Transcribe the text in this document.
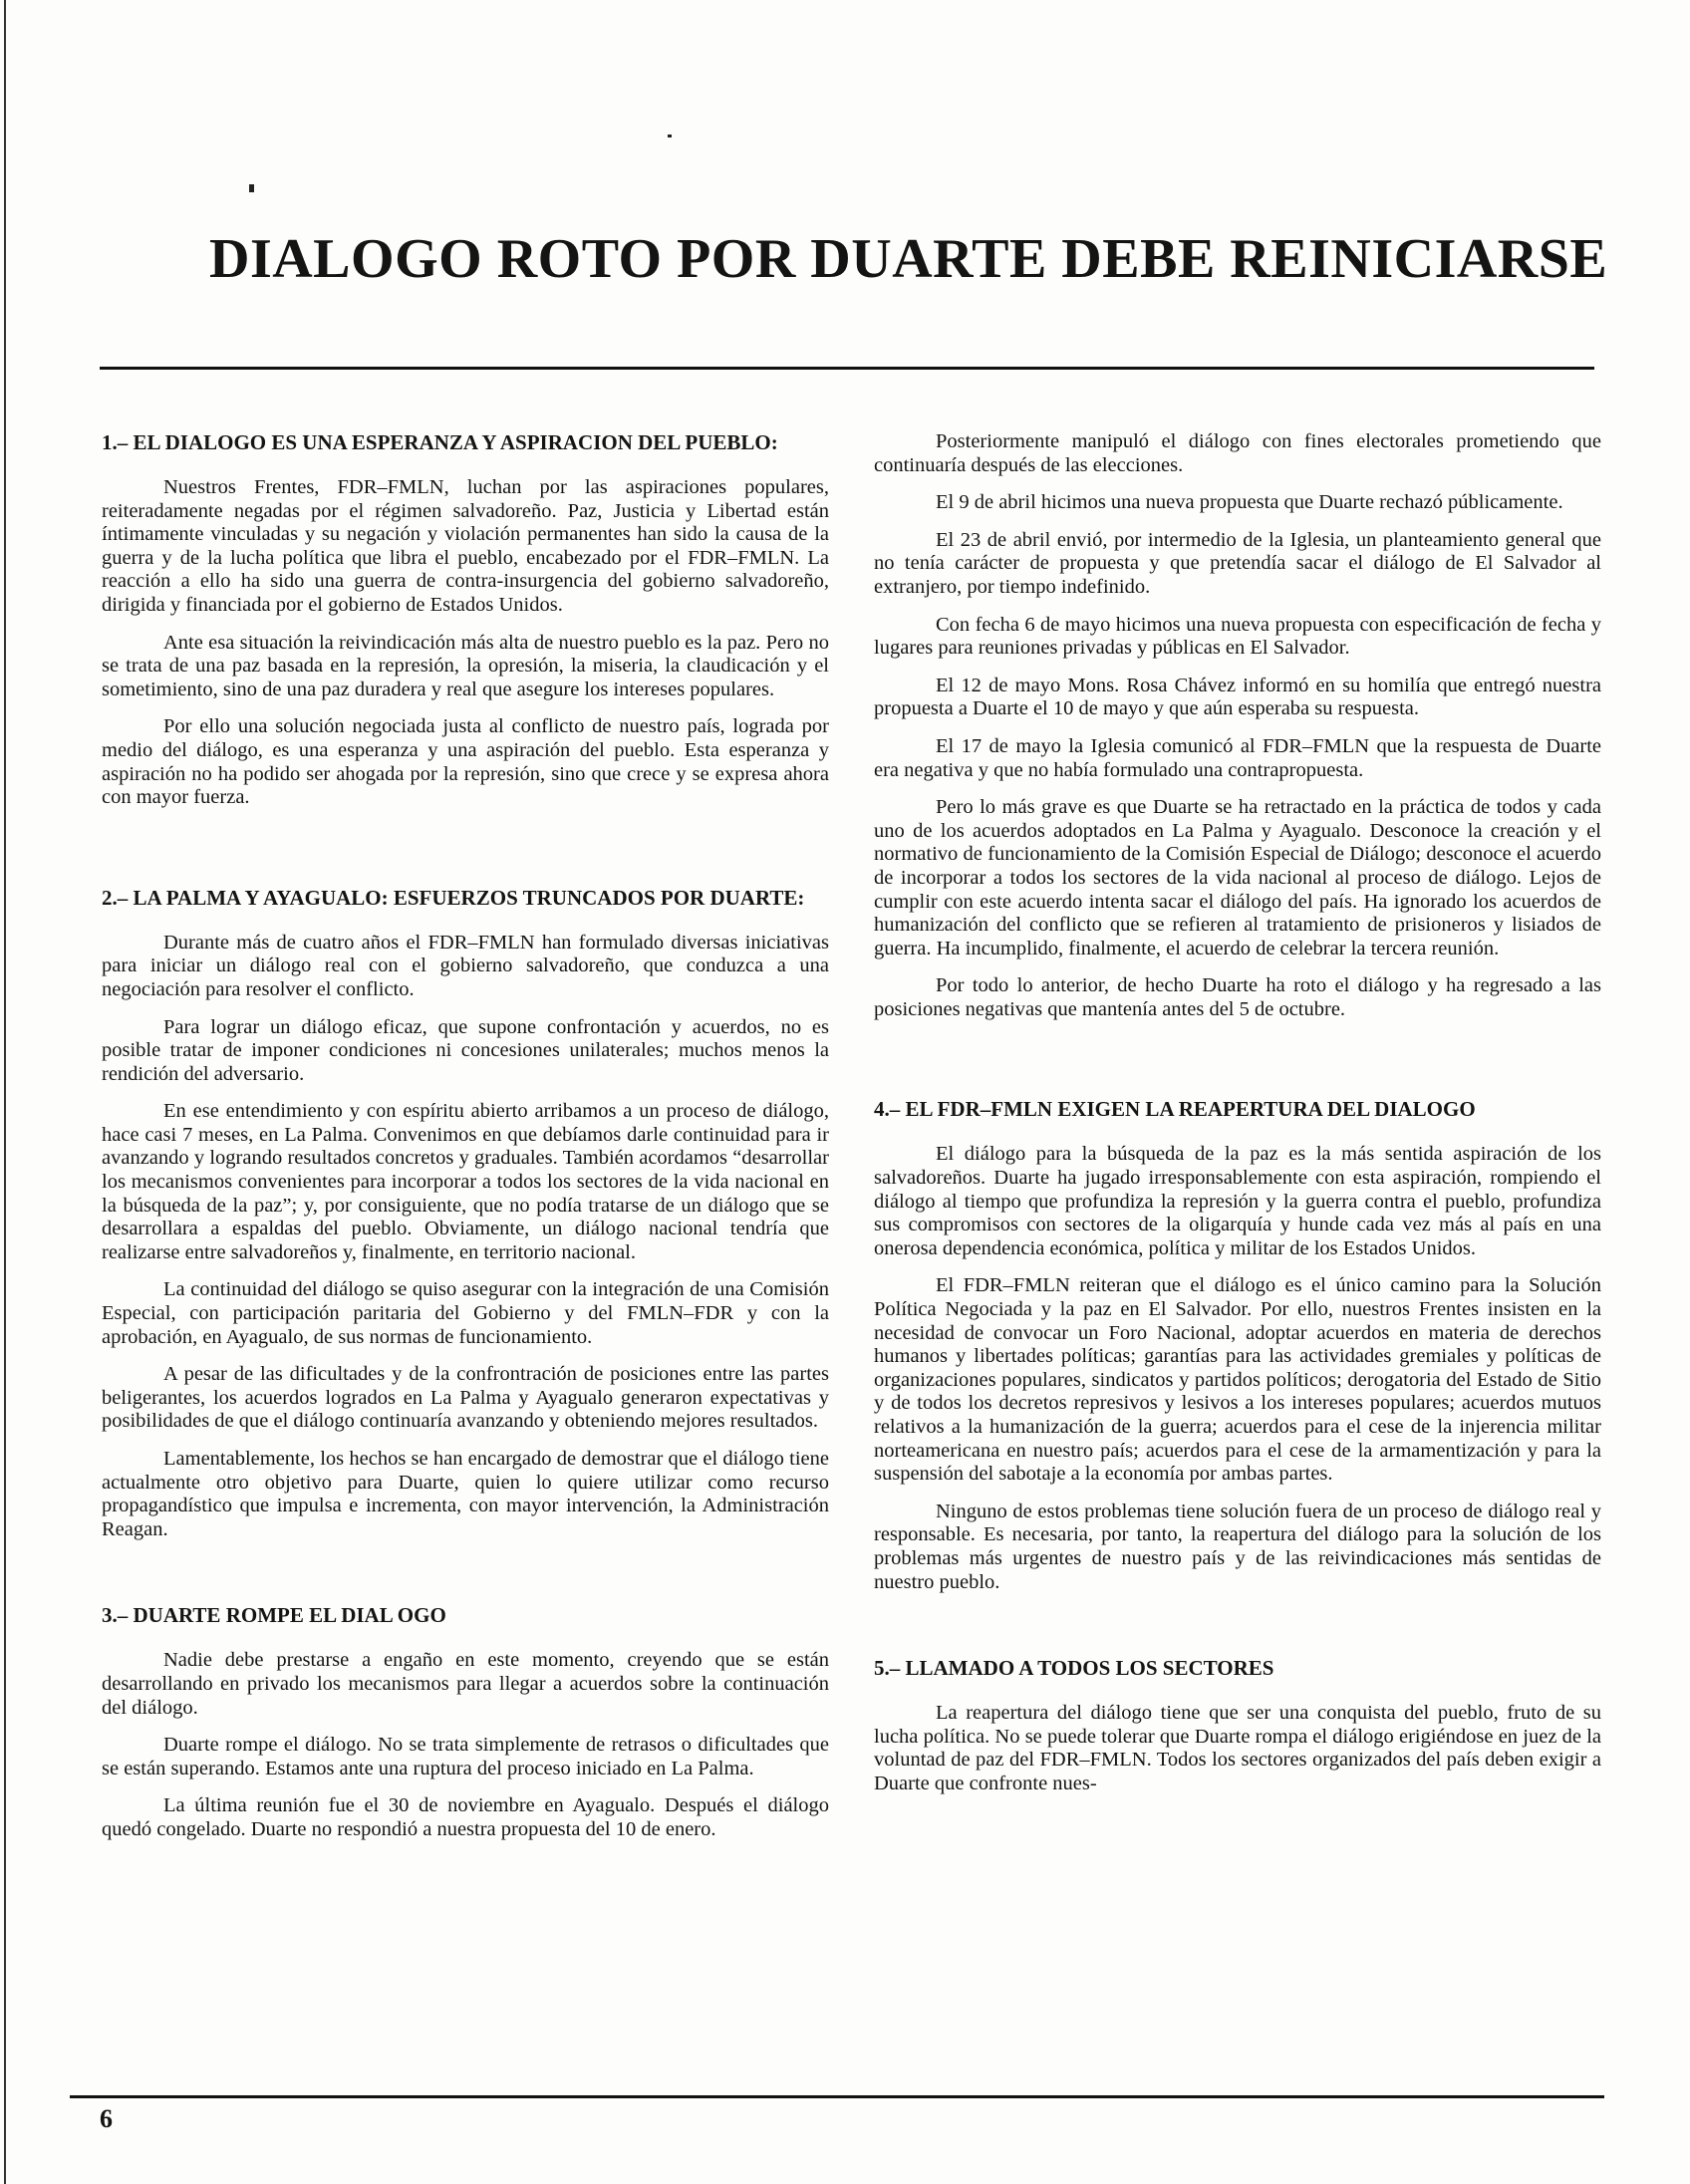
DIALOGO ROTO POR DUARTE DEBE REINICIARSE
1.– EL DIALOGO ES UNA ESPERANZA Y ASPIRACION DEL PUEBLO:

Nuestros Frentes, FDR–FMLN, luchan por las aspiraciones populares, reiteradamente negadas por el régimen salvadoreño. Paz, Justicia y Libertad están íntimamente vinculadas y su negación y violación permanentes han sido la causa de la guerra y de la lucha política que libra el pueblo, encabezado por el FDR–FMLN. La reacción a ello ha sido una guerra de contra-insurgencia del gobierno salvadoreño, dirigida y financiada por el gobierno de Estados Unidos.

Ante esa situación la reivindicación más alta de nuestro pueblo es la paz. Pero no se trata de una paz basada en la represión, la opresión, la miseria, la claudicación y el sometimiento, sino de una paz duradera y real que asegure los intereses populares.

Por ello una solución negociada justa al conflicto de nuestro país, lograda por medio del diálogo, es una esperanza y una aspiración del pueblo. Esta esperanza y aspiración no ha podido ser ahogada por la represión, sino que crece y se expresa ahora con mayor fuerza.

2.– LA PALMA Y AYAGUALO: ESFUERZOS TRUNCADOS POR DUARTE:

Durante más de cuatro años el FDR–FMLN han formulado diversas iniciativas para iniciar un diálogo real con el gobierno salvadoreño, que conduzca a una negociación para resolver el conflicto.

Para lograr un diálogo eficaz, que supone confrontación y acuerdos, no es posible tratar de imponer condiciones ni concesiones unilaterales; muchos menos la rendición del adversario.

En ese entendimiento y con espíritu abierto arribamos a un proceso de diálogo, hace casi 7 meses, en La Palma. Convenimos en que debíamos darle continuidad para ir avanzando y logrando resultados concretos y graduales. También acordamos “desarrollar los mecanismos convenientes para incorporar a todos los sectores de la vida nacional en la búsqueda de la paz”; y, por consiguiente, que no podía tratarse de un diálogo que se desarrollara a espaldas del pueblo. Obviamente, un diálogo nacional tendría que realizarse entre salvadoreños y, finalmente, en territorio nacional.

La continuidad del diálogo se quiso asegurar con la integración de una Comisión Especial, con participación paritaria del Gobierno y del FMLN–FDR y con la aprobación, en Ayagualo, de sus normas de funcionamiento.

A pesar de las dificultades y de la confrontración de posiciones entre las partes beligerantes, los acuerdos logrados en La Palma y Ayagualo generaron expectativas y posibilidades de que el diálogo continuaría avanzando y obteniendo mejores resultados.

Lamentablemente, los hechos se han encargado de demostrar que el diálogo tiene actualmente otro objetivo para Duarte, quien lo quiere utilizar como recurso propagandístico que impulsa e incrementa, con mayor intervención, la Administración Reagan.

3.– DUARTE ROMPE EL DIAL OGO

Nadie debe prestarse a engaño en este momento, creyendo que se están desarrollando en privado los mecanismos para llegar a acuerdos sobre la continuación del diálogo.

Duarte rompe el diálogo. No se trata simplemente de retrasos o dificultades que se están superando. Estamos ante una ruptura del proceso iniciado en La Palma.

La última reunión fue el 30 de noviembre en Ayagualo. Después el diálogo quedó congelado. Duarte no respondió a nuestra propuesta del 10 de enero.

Posteriormente manipuló el diálogo con fines electorales prometiendo que continuaría después de las elecciones.

El 9 de abril hicimos una nueva propuesta que Duarte rechazó públicamente.

El 23 de abril envió, por intermedio de la Iglesia, un planteamiento general que no tenía carácter de propuesta y que pretendía sacar el diálogo de El Salvador al extranjero, por tiempo indefinido.

Con fecha 6 de mayo hicimos una nueva propuesta con especificación de fecha y lugares para reuniones privadas y públicas en El Salvador.

El 12 de mayo Mons. Rosa Chávez informó en su homilía que entregó nuestra propuesta a Duarte el 10 de mayo y que aún esperaba su respuesta.

El 17 de mayo la Iglesia comunicó al FDR–FMLN que la respuesta de Duarte era negativa y que no había formulado una contrapropuesta.

Pero lo más grave es que Duarte se ha retractado en la práctica de todos y cada uno de los acuerdos adoptados en La Palma y Ayagualo. Desconoce la creación y el normativo de funcionamiento de la Comisión Especial de Diálogo; desconoce el acuerdo de incorporar a todos los sectores de la vida nacional al proceso de diálogo. Lejos de cumplir con este acuerdo intenta sacar el diálogo del país. Ha ignorado los acuerdos de humanización del conflicto que se refieren al tratamiento de prisioneros y lisiados de guerra. Ha incumplido, finalmente, el acuerdo de celebrar la tercera reunión.

Por todo lo anterior, de hecho Duarte ha roto el diálogo y ha regresado a las posiciones negativas que mantenía antes del 5 de octubre.

4.– EL FDR–FMLN EXIGEN LA REAPERTURA DEL DIALOGO

El diálogo para la búsqueda de la paz es la más sentida aspiración de los salvadoreños. Duarte ha jugado irresponsablemente con esta aspiración, rompiendo el diálogo al tiempo que profundiza la represión y la guerra contra el pueblo, profundiza sus compromisos con sectores de la oligarquía y hunde cada vez más al país en una onerosa dependencia económica, política y militar de los Estados Unidos.

El FDR–FMLN reiteran que el diálogo es el único camino para la Solución Política Negociada y la paz en El Salvador. Por ello, nuestros Frentes insisten en la necesidad de convocar un Foro Nacional, adoptar acuerdos en materia de derechos humanos y libertades políticas; garantías para las actividades gremiales y políticas de organizaciones populares, sindicatos y partidos políticos; derogatoria del Estado de Sitio y de todos los decretos represivos y lesivos a los intereses populares; acuerdos mutuos relativos a la humanización de la guerra; acuerdos para el cese de la injerencia militar norteamericana en nuestro país; acuerdos para el cese de la armamentización y para la suspensión del sabotaje a la economía por ambas partes.

Ninguno de estos problemas tiene solución fuera de un proceso de diálogo real y responsable. Es necesaria, por tanto, la reapertura del diálogo para la solución de los problemas más urgentes de nuestro país y de las reivindicaciones más sentidas de nuestro pueblo.

5.– LLAMADO A TODOS LOS SECTORES

La reapertura del diálogo tiene que ser una conquista del pueblo, fruto de su lucha política. No se puede tolerar que Duarte rompa el diálogo erigiéndose en juez de la voluntad de paz del FDR–FMLN. Todos los sectores organizados del país deben exigir a Duarte que confronte nues-

6
